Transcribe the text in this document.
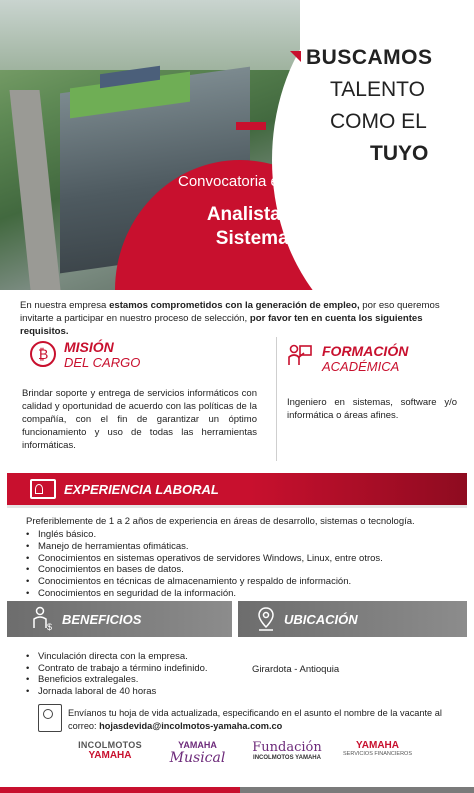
BUSCAMOS
TALENTO
COMO EL
TUYO
Convocatoria externa
Analista de Sistemas
En nuestra empresa estamos comprometidos con la generación de empleo, por eso queremos invitarte a participar en nuestro proceso de selección, por favor ten en cuenta los siguientes requisitos.
₿
MISIÓN
DEL CARGO
Brindar soporte y entrega de servicios informáticos con calidad y oportunidad de acuerdo con las políticas de la compañía, con el fin de garantizar un óptimo funcionamiento y uso de todas las herramientas informáticas.
FORMACIÓN
ACADÉMICA
Ingeniero en sistemas, software y/o informática o áreas afines.
EXPERIENCIA LABORAL
Preferiblemente de 1 a 2 años de experiencia en áreas de desarrollo, sistemas o tecnología.
• Inglés básico.
• Manejo de herramientas ofimáticas.
• Conocimientos en sistemas operativos de servidores Windows, Linux, entre otros.
• Conocimientos en bases de datos.
• Conocimientos en técnicas de almacenamiento y respaldo de información.
• Conocimientos en seguridad de la información.
$ BENEFICIOS	UBICACIÓN
• Vinculación directa con la empresa.
• Contrato de trabajo a término indefinido.
• Beneficios extralegales.
• Jornada laboral de 40 horas
Girardota - Antioquia
Envíanos tu hoja de vida actualizada, especificando en el asunto el nombre de la vacante al correo: hojasdevida@incolmotos-yamaha.com.co
INCOLMOTOS
YAMAHA
YAMAHA
Musical
Fundación
INCOLMOTOS YAMAHA
YAMAHA
SERVICIOS FINANCIEROS
